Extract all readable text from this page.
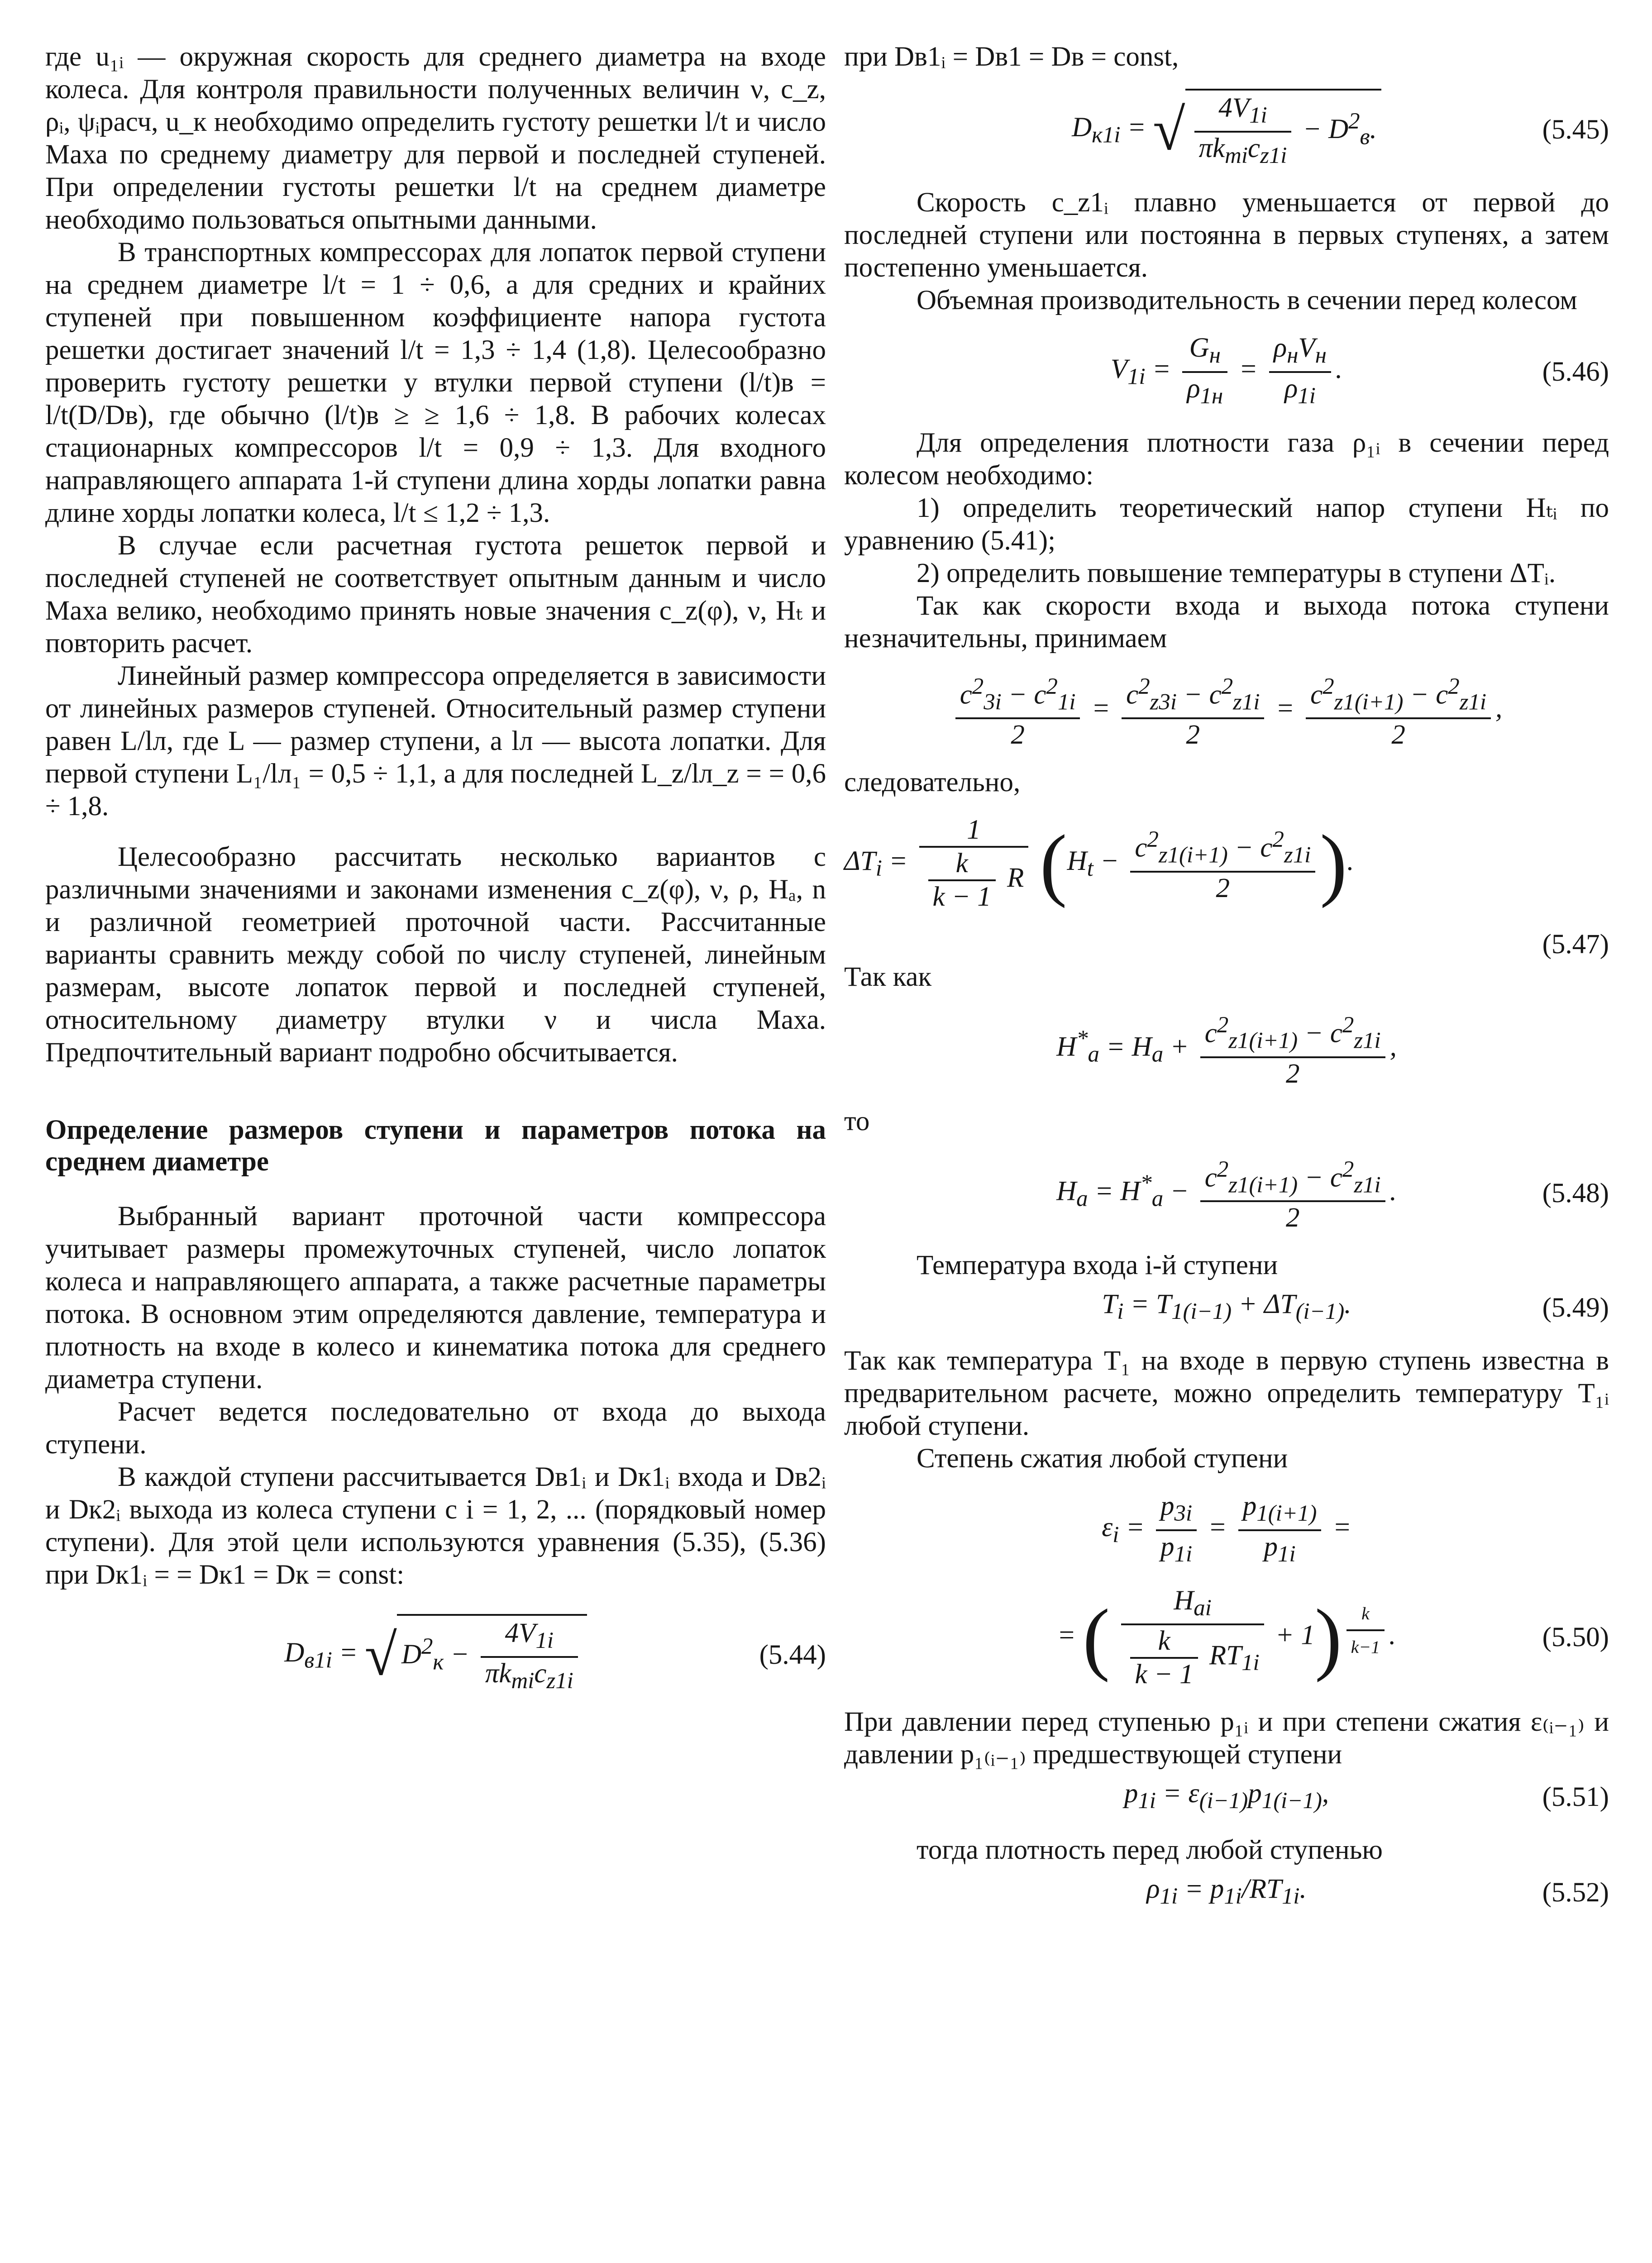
где u₁ᵢ — окружная скорость для среднего диаметра на входе колеса. Для контроля правильности полученных величин ν, c_z, ρᵢ, ψᵢрасч, u_к необходимо определить густоту решетки l/t и число Маха по среднему диаметру для первой и последней ступеней. При определении густоты решетки l/t на среднем диаметре необходимо пользоваться опытными данными.

В транспортных компрессорах для лопаток первой ступени на среднем диаметре l/t = 1 ÷ 0,6, а для средних и крайних ступеней при повышенном коэффициенте напора густота решетки достигает значений l/t = 1,3 ÷ 1,4 (1,8). Целесообразно проверить густоту решетки у втулки первой ступени (l/t)в = l/t(D/Dв), где обычно (l/t)в ≥ ≥ 1,6 ÷ 1,8. В рабочих колесах стационарных компрессоров l/t = 0,9 ÷ 1,3. Для входного направляющего аппарата 1-й ступени длина хорды лопатки равна длине хорды лопатки колеса, l/t ≤ 1,2 ÷ 1,3.

В случае если расчетная густота решеток первой и последней ступеней не соответствует опытным данным и число Маха велико, необходимо принять новые значения c_z(φ), ν, Hₜ и повторить расчет.

Линейный размер компрессора определяется в зависимости от линейных размеров ступеней. Относительный размер ступени равен L/lл, где L — размер ступени, a lл — высота лопатки. Для первой ступени L₁/lл₁ = 0,5 ÷ 1,1, а для последней L_z/lл_z = = 0,6 ÷ 1,8.

Целесообразно рассчитать несколько вариантов с различными значениями и законами изменения c_z(φ), ν, ρ, Hₐ, n и различной геометрией проточной части. Рассчитанные варианты сравнить между собой по числу ступеней, линейным размерам, высоте лопаток первой и последней ступеней, относительному диаметру втулки ν и числа Маха. Предпочтительный вариант подробно обсчитывается.

Определение размеров ступени и параметров потока на среднем диаметре

Выбранный вариант проточной части компрессора учитывает размеры промежуточных ступеней, число лопаток колеса и направляющего аппарата, а также расчетные параметры потока. В основном этим определяются давление, температура и плотность на входе в колесо и кинематика потока для среднего диаметра ступени.

Расчет ведется последовательно от входа до выхода ступени.

В каждой ступени рассчитывается Dв1ᵢ и Dк1ᵢ входа и Dв2ᵢ и Dк2ᵢ выхода из колеса ступени с i = 1, 2, ... (порядковый номер ступени). Для этой цели используются уравнения (5.35), (5.36) при Dк1ᵢ = = Dк1 = Dк = const:

$D_{в1i}$ = √ $D^2_к - \frac{4V_{1i}}{\pi k_{mi}c_{z1i}}$	(5.44)

при Dв1ᵢ = Dв1 = Dв = const,

$D_{к1i}$ = √ $\frac{4V_{1i}}{\pi k_{mi}c_{z1i}} - D^2_в$.	(5.45)

Скорость c_z1ᵢ плавно уменьшается от первой до последней ступени или постоянна в первых ступенях, а затем постепенно уменьшается.

Объемная производительность в сечении перед колесом

$V_{1i} = \frac{G_н}{\rho_{1н}} = \frac{\rho_нV_н}{\rho_{1i}}$ .	(5.46)

Для определения плотности газа ρ₁ᵢ в сечении перед колесом необходимо:

1) определить теоретический напор ступени Hₜᵢ по уравнению (5.41);

2) определить повышение температуры в ступени ΔTᵢ.

Так как скорости входа и выхода потока ступени незначительны, принимаем

$\frac{c^2_{3i} - c^2_{1i}}{2} = \frac{c^2_{z3i} - c^2_{z1i}}{2} = \frac{c^2_{z1(i+1)} - c^2_{z1i}}{2}$ ,

следовательно,

$\Delta T_i = \frac{1}{\frac{k}{k - 1} R} (H_t - \frac{c^2_{z1(i+1)} - c^2_{z1i}}{2}$ ).
(5.47)

Так как

$H^*_a = H_a + \frac{c^2_{z1(i+1)} - c^2_{z1i}}{2}$ ,

то

$H_a = H^*_a - \frac{c^2_{z1(i+1)} - c^2_{z1i}}{2}$ .	(5.48)

Температура входа i-й ступени

$T_i = T_{1(i-1)} + \Delta T_{(i-1)}$.	(5.49)

Так как температура T₁ на входе в первую ступень известна в предварительном расчете, можно определить температуру T₁ᵢ любой ступени.

Степень сжатия любой ступени

$\varepsilon_i = \frac{p_{3i}}{p_{1i}} = \frac{p_{1(i+1)}}{p_{1i}}$ =
= ( $\frac{H_{ai}}{\frac{k}{k - 1} RT_{1i}} + 1$) $^{\frac{k}{k-1}}$ .	(5.50)

При давлении перед ступенью p₁ᵢ и при степени сжатия ε₍ᵢ₋₁₎ и давлении p₁₍ᵢ₋₁₎ предшествующей ступени

$p_{1i} = \varepsilon_{(i-1)}p_{1(i-1)}$,	(5.51)

тогда плотность перед любой ступенью

$\rho_{1i} = p_{1i}/RT_{1i}$.	(5.52)
